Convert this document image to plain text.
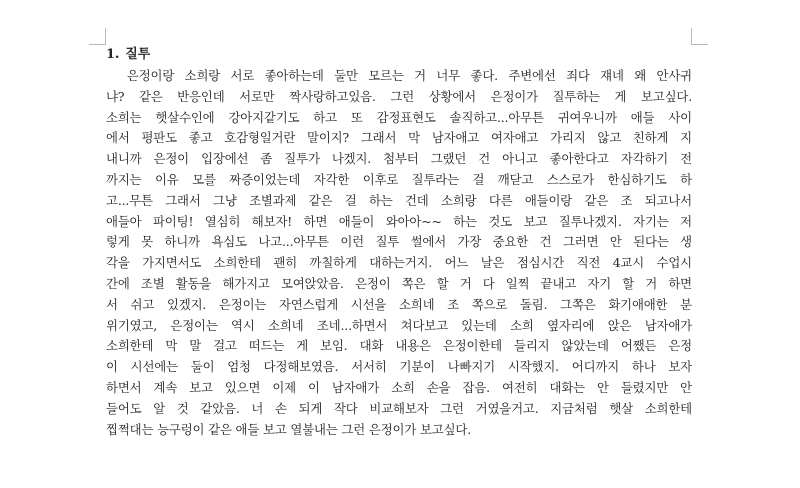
1. 질투
은정이랑 소희랑 서로 좋아하는데 둘만 모르는 거 너무 좋다. 주변에선 죄다 쟤네 왜 안사귀
냐? 같은 반응인데 서로만 짝사랑하고있음. 그런 상황에서 은정이가 질투하는 게 보고싶다.
소희는 햇살수인에 강아지같기도 하고 또 감정표현도 솔직하고...아무튼 귀여우니까 애들 사이
에서 평판도 좋고 호감형일거란 말이지? 그래서 막 남자애고 여자애고 가리지 않고 친하게 지
내니까 은정이 입장에선 좀 질투가 나겠지. 첨부터 그랬던 건 아니고 좋아한다고 자각하기 전
까지는 이유 모를 짜증이었는데 자각한 이후로 질투라는 걸 깨닫고 스스로가 한심하기도 하
고...무튼 그래서 그냥 조별과제 같은 걸 하는 건데 소희랑 다른 애들이랑 같은 조 되고나서
애들아 파이팅! 열심히 해보자! 하면 애들이 와아아~~ 하는 것도 보고 질투나겠지. 자기는 저
렇게 못 하니까 욕심도 나고...아무튼 이런 질투 썰에서 가장 중요한 건 그러면 안 된다는 생
각을 가지면서도 소희한테 괜히 까칠하게 대하는거지. 어느 날은 점심시간 직전 4교시 수업시
간에 조별 활동을 해가지고 모여앉았음. 은정이 쪽은 할 거 다 일찍 끝내고 자기 할 거 하면
서 쉬고 있겠지. 은정이는 자연스럽게 시선을 소희네 조 쪽으로 돌림. 그쪽은 화기애애한 분
위기였고, 은정이는 역시 소희네 조네...하면서 쳐다보고 있는데 소희 옆자리에 앉은 남자애가
소희한테 막 말 걸고 떠드는 게 보임. 대화 내용은 은정이한테 들리지 않았는데 어쨌든 은정
이 시선에는 둘이 엄청 다정해보였음. 서서히 기분이 나빠지기 시작했지. 어디까지 하나 보자
하면서 계속 보고 있으면 이제 이 남자애가 소희 손을 잡음. 여전히 대화는 안 들렸지만 안
들어도 알 것 같았음. 너 손 되게 작다 비교해보자 그런 거였을거고. 지금처럼 햇살 소희한테
찝쩍대는 능구렁이 같은 애들 보고 열불내는 그런 은정이가 보고싶다.
